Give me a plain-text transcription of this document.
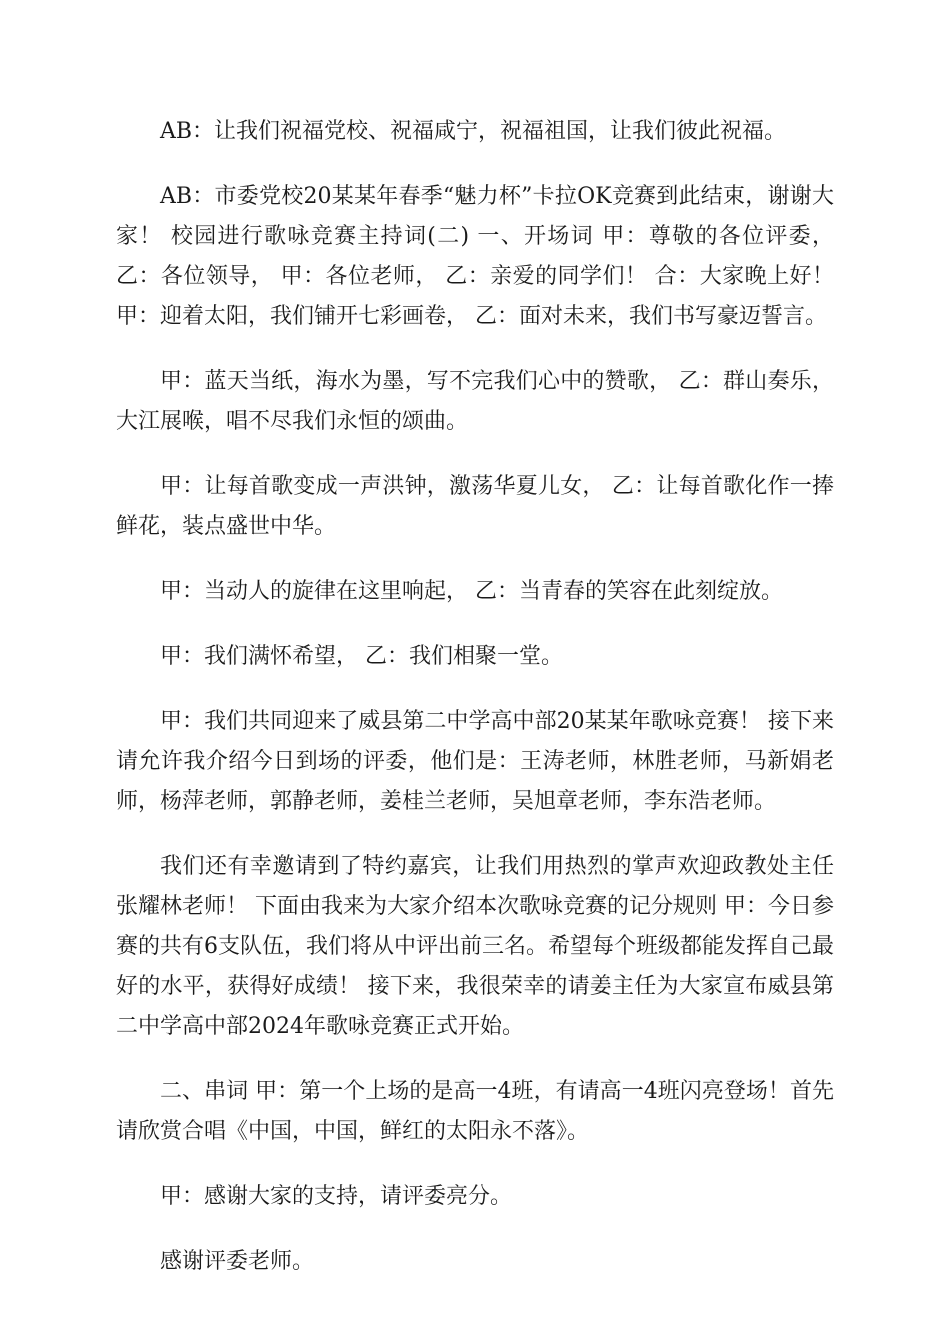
AB：让我们祝福党校、祝福咸宁，祝福祖国，让我们彼此祝福。

AB：市委党校20某某年春季“魅力杯”卡拉OK竞赛到此结束，谢谢大家！ 校园进行歌咏竞赛主持词(二) 一、开场词 甲：尊敬的各位评委， 乙：各位领导， 甲：各位老师， 乙：亲爱的同学们！ 合：大家晚上好！ 甲：迎着太阳，我们铺开七彩画卷， 乙：面对未来，我们书写豪迈誓言。

甲：蓝天当纸，海水为墨，写不完我们心中的赞歌， 乙：群山奏乐，大江展喉，唱不尽我们永恒的颂曲。

甲：让每首歌变成一声洪钟，激荡华夏儿女， 乙：让每首歌化作一捧鲜花，装点盛世中华。

甲：当动人的旋律在这里响起， 乙：当青春的笑容在此刻绽放。

甲：我们满怀希望， 乙：我们相聚一堂。

甲：我们共同迎来了威县第二中学高中部20某某年歌咏竞赛！ 接下来请允许我介绍今日到场的评委，他们是：王涛老师，林胜老师，马新娟老师，杨萍老师，郭静老师，姜桂兰老师，吴旭章老师，李东浩老师。

我们还有幸邀请到了特约嘉宾，让我们用热烈的掌声欢迎政教处主任张耀林老师！ 下面由我来为大家介绍本次歌咏竞赛的记分规则 甲：今日参赛的共有6支队伍，我们将从中评出前三名。希望每个班级都能发挥自己最好的水平，获得好成绩！ 接下来，我很荣幸的请姜主任为大家宣布威县第二中学高中部2024年歌咏竞赛正式开始。

二、串词 甲：第一个上场的是高一4班，有请高一4班闪亮登场！首先请欣赏合唱《中国，中国，鲜红的太阳永不落》。

甲：感谢大家的支持，请评委亮分。

感谢评委老师。
